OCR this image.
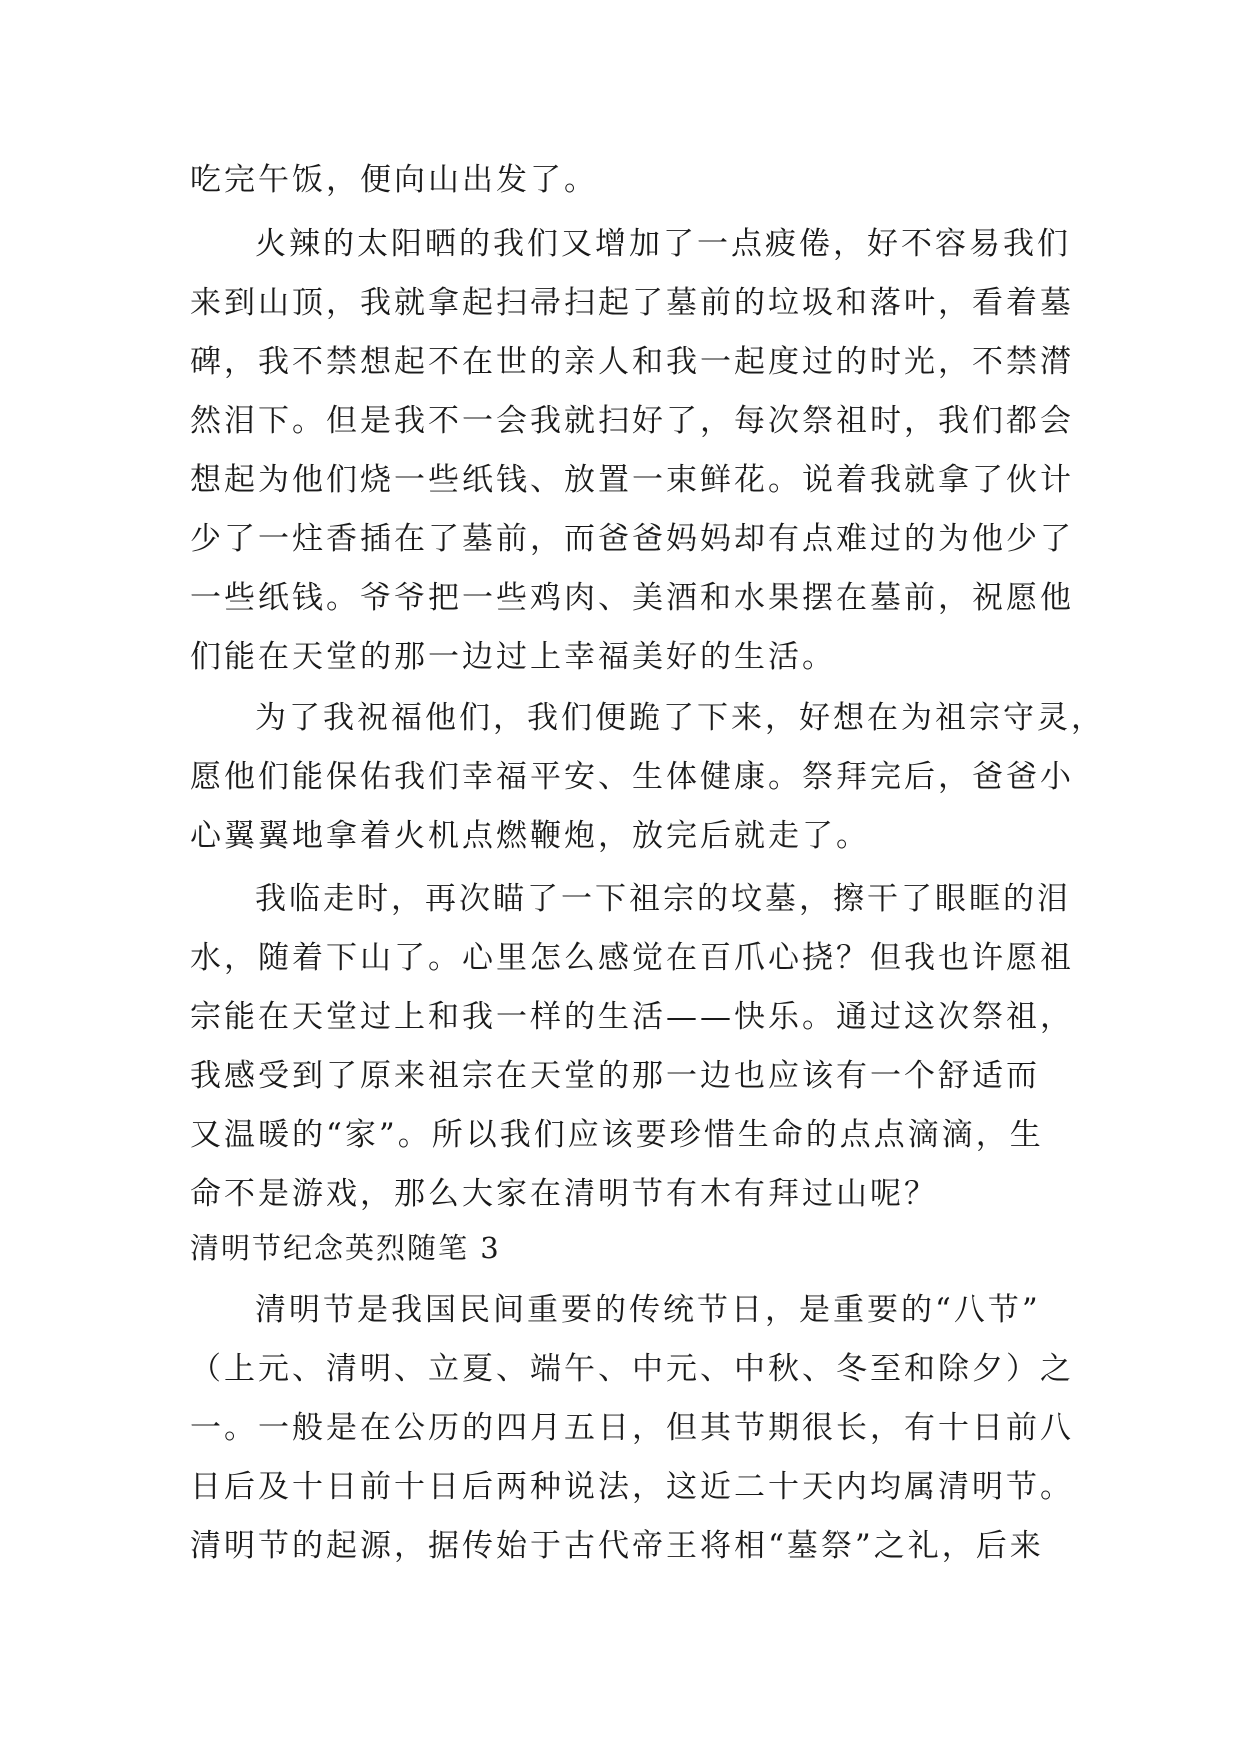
吃完午饭，便向山出发了。
火辣的太阳晒的我们又增加了一点疲倦，好不容易我们
来到山顶，我就拿起扫帚扫起了墓前的垃圾和落叶，看着墓
碑，我不禁想起不在世的亲人和我一起度过的时光，不禁潸
然泪下。但是我不一会我就扫好了，每次祭祖时，我们都会
想起为他们烧一些纸钱、放置一束鲜花。说着我就拿了伙计
少了一炷香插在了墓前，而爸爸妈妈却有点难过的为他少了
一些纸钱。爷爷把一些鸡肉、美酒和水果摆在墓前，祝愿他
们能在天堂的那一边过上幸福美好的生活。
为了我祝福他们，我们便跪了下来，好想在为祖宗守灵，
愿他们能保佑我们幸福平安、生体健康。祭拜完后，爸爸小
心翼翼地拿着火机点燃鞭炮，放完后就走了。
我临走时，再次瞄了一下祖宗的坟墓，擦干了眼眶的泪
水，随着下山了。心里怎么感觉在百爪心挠？但我也许愿祖
宗能在天堂过上和我一样的生活——快乐。通过这次祭祖，
我感受到了原来祖宗在天堂的那一边也应该有一个舒适而
又温暖的“家”。所以我们应该要珍惜生命的点点滴滴，生
命不是游戏，那么大家在清明节有木有拜过山呢？
清明节纪念英烈随笔 3
清明节是我国民间重要的传统节日，是重要的“八节”
（上元、清明、立夏、端午、中元、中秋、冬至和除夕）之
一。一般是在公历的四月五日，但其节期很长，有十日前八
日后及十日前十日后两种说法，这近二十天内均属清明节。
清明节的起源，据传始于古代帝王将相“墓祭”之礼，后来
